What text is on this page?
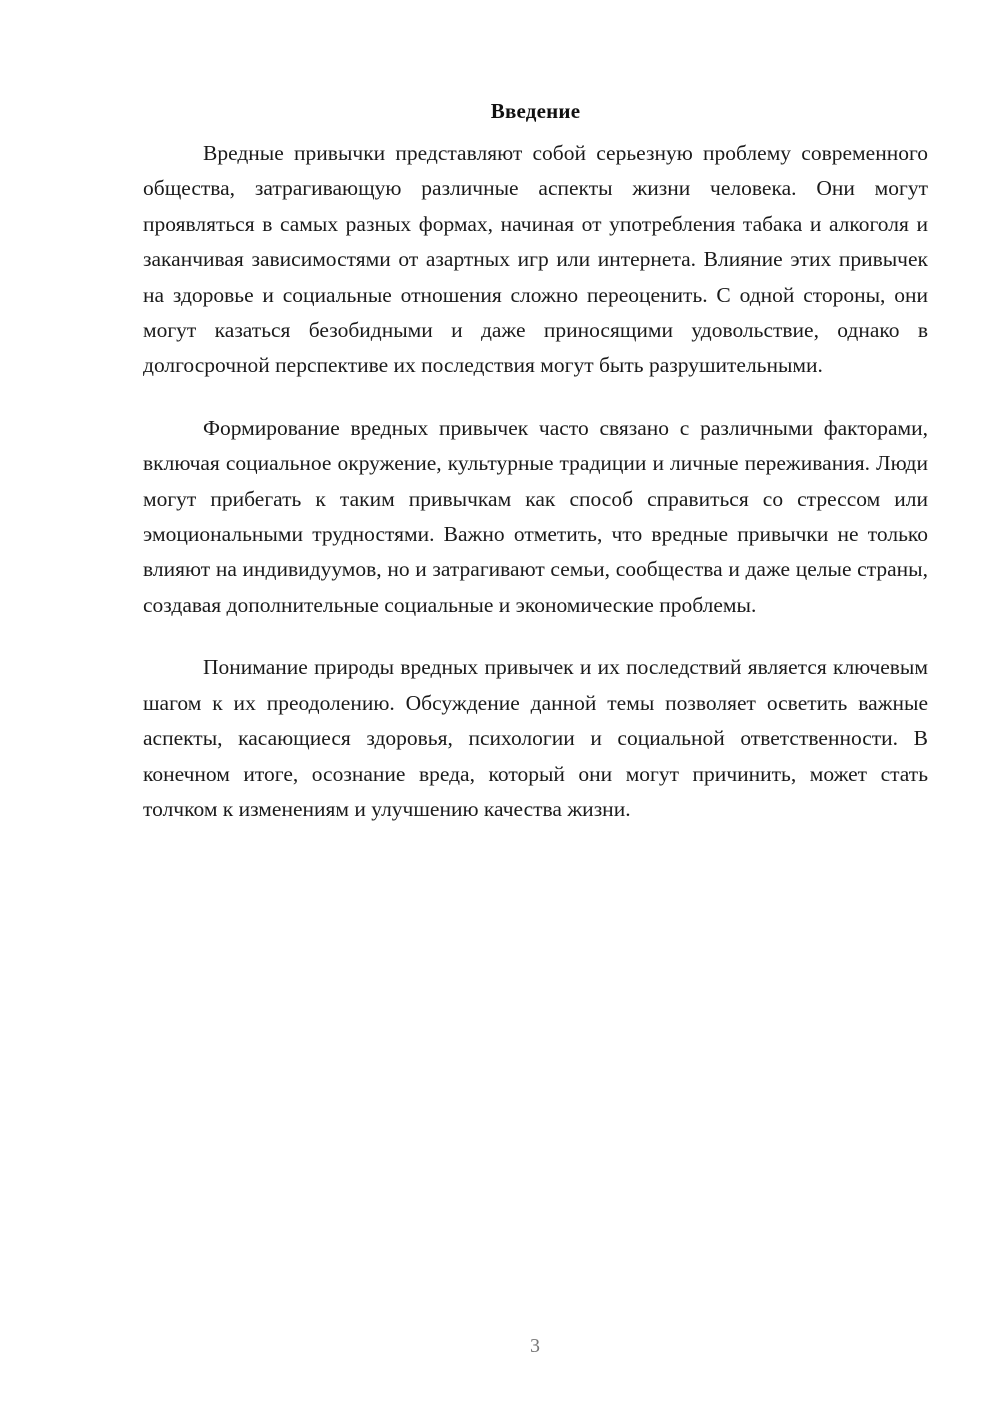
Введение

Вредные привычки представляют собой серьезную проблему современного общества, затрагивающую различные аспекты жизни человека. Они могут проявляться в самых разных формах, начиная от употребления табака и алкоголя и заканчивая зависимостями от азартных игр или интернета. Влияние этих привычек на здоровье и социальные отношения сложно переоценить. С одной стороны, они могут казаться безобидными и даже приносящими удовольствие, однако в долгосрочной перспективе их последствия могут быть разрушительными.

Формирование вредных привычек часто связано с различными факторами, включая социальное окружение, культурные традиции и личные переживания. Люди могут прибегать к таким привычкам как способ справиться со стрессом или эмоциональными трудностями. Важно отметить, что вредные привычки не только влияют на индивидуумов, но и затрагивают семьи, сообщества и даже целые страны, создавая дополнительные социальные и экономические проблемы.

Понимание природы вредных привычек и их последствий является ключевым шагом к их преодолению. Обсуждение данной темы позволяет осветить важные аспекты, касающиеся здоровья, психологии и социальной ответственности. В конечном итоге, осознание вреда, который они могут причинить, может стать толчком к изменениям и улучшению качества жизни.

3
